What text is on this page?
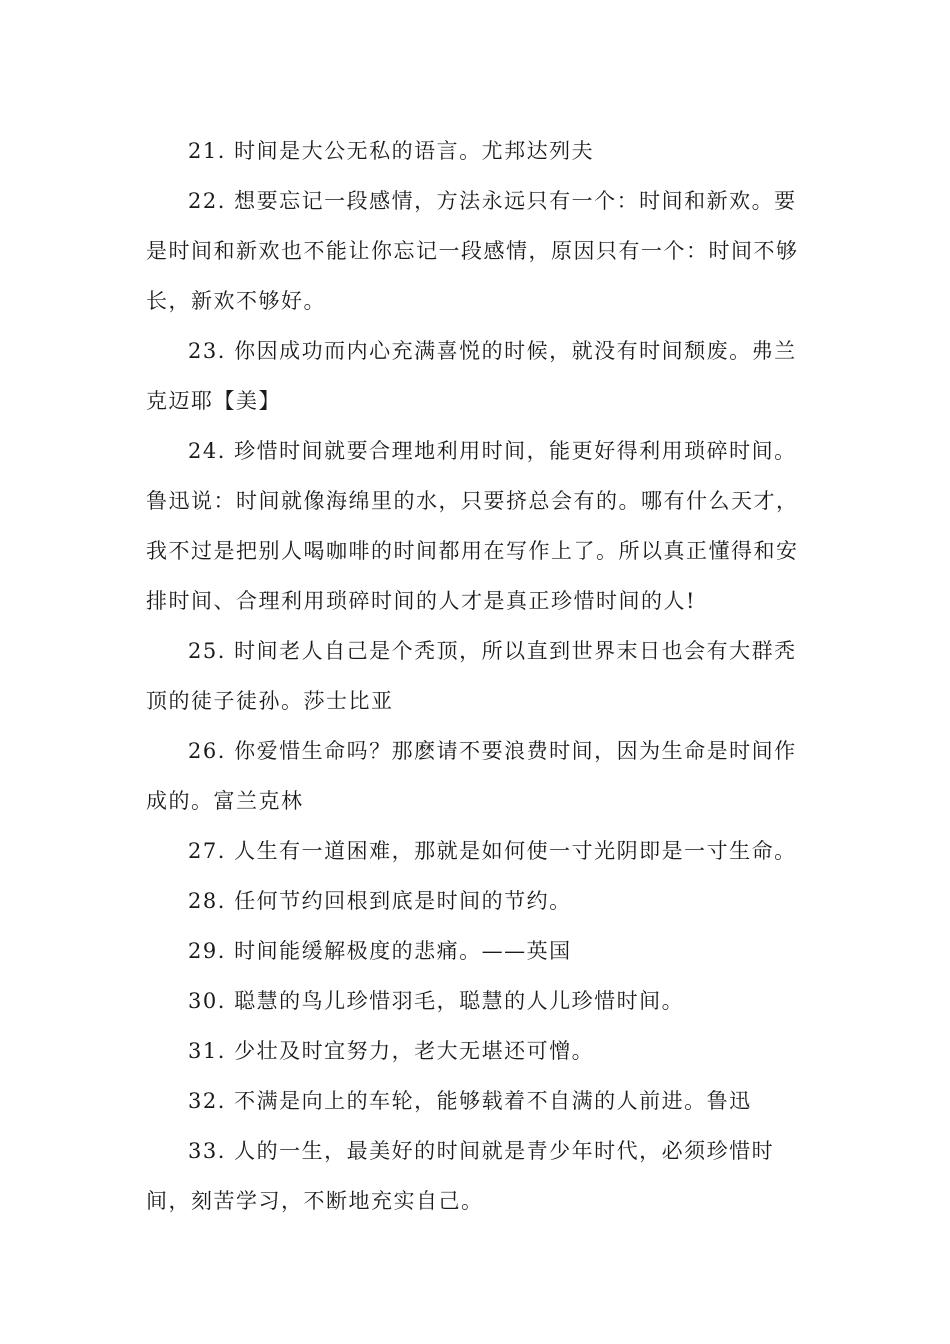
21. 时间是大公无私的语言。尤邦达列夫

22. 想要忘记一段感情，方法永远只有一个：时间和新欢。要是时间和新欢也不能让你忘记一段感情，原因只有一个：时间不够长，新欢不够好。

23. 你因成功而内心充满喜悦的时候，就没有时间颓废。弗兰克迈耶【美】

24. 珍惜时间就要合理地利用时间，能更好得利用琐碎时间。鲁迅说：时间就像海绵里的水，只要挤总会有的。哪有什么天才，我不过是把别人喝咖啡的时间都用在写作上了。所以真正懂得和安排时间、合理利用琐碎时间的人才是真正珍惜时间的人!

25. 时间老人自己是个秃顶，所以直到世界末日也会有大群秃顶的徒子徒孙。莎士比亚

26. 你爱惜生命吗？那麽请不要浪费时间，因为生命是时间作成的。富兰克林

27. 人生有一道困难，那就是如何使一寸光阴即是一寸生命。

28. 任何节约回根到底是时间的节约。

29. 时间能缓解极度的悲痛。——英国

30. 聪慧的鸟儿珍惜羽毛，聪慧的人儿珍惜时间。

31. 少壮及时宜努力，老大无堪还可憎。

32. 不满是向上的车轮，能够载着不自满的人前进。鲁迅

33. 人的一生，最美好的时间就是青少年时代，必须珍惜时间，刻苦学习，不断地充实自己。
